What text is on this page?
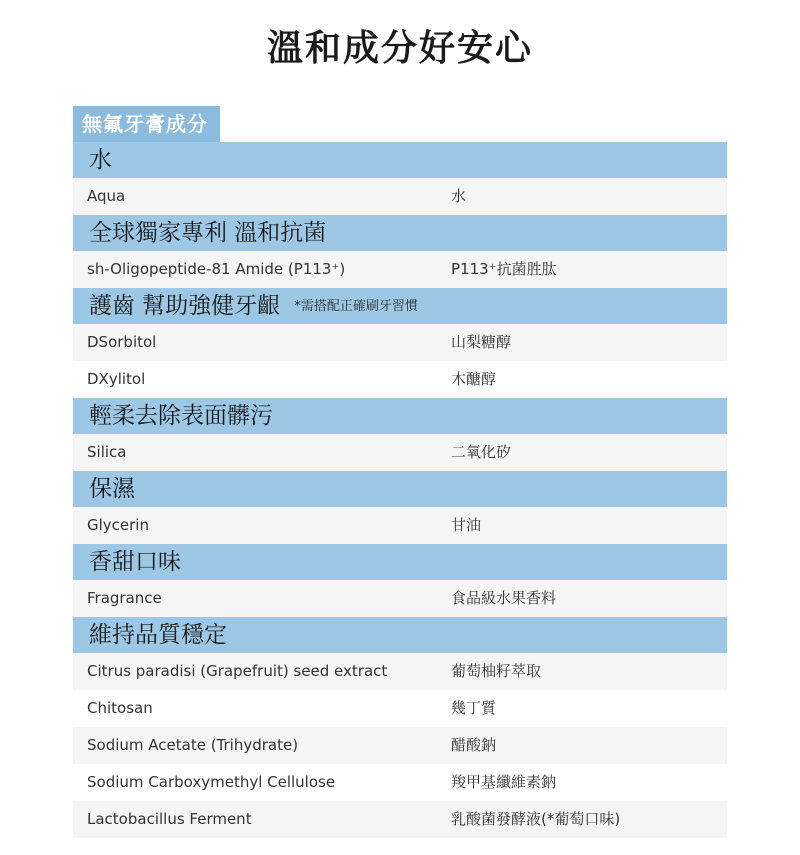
溫和成分好安心
無氟牙膏成分
水
Aqua	水
全球獨家專利 溫和抗菌
sh-Oligopeptide-81 Amide (P113⁺)	P113⁺抗菌胜肽
護齒 幫助強健牙齦 *需搭配正確刷牙習慣
DSorbitol	山梨糖醇
DXylitol	木醣醇
輕柔去除表面髒污
Silica	二氧化矽
保濕
Glycerin	甘油
香甜口味
Fragrance	食品級水果香料
維持品質穩定
Citrus paradisi (Grapefruit) seed extract	葡萄柚籽萃取
Chitosan	幾丁質
Sodium Acetate (Trihydrate)	醋酸鈉
Sodium Carboxymethyl Cellulose	羧甲基纖維素鈉
Lactobacillus Ferment	乳酸菌發酵液(*葡萄口味)
